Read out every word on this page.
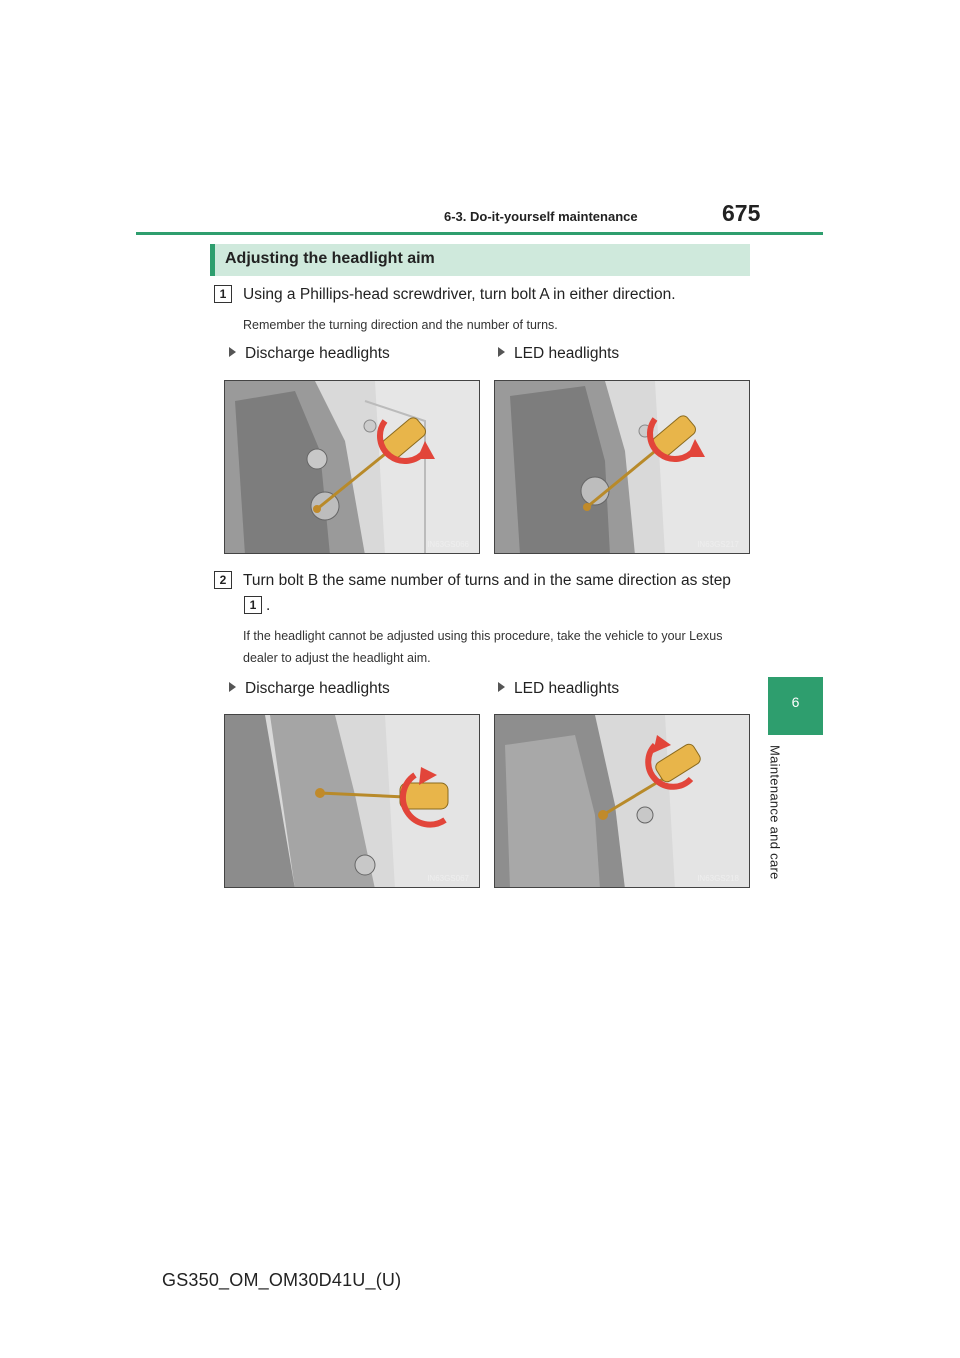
6-3. Do-it-yourself maintenance	675
6
Maintenance and care
Adjusting the headlight aim
1	Using a Phillips-head screwdriver, turn bolt A in either direction.
Remember the turning direction and the number of turns.
Discharge headlights	LED headlights
IN63GS066	IN63GS217
2	Turn bolt B the same number of turns and in the same direction as step
1 .
If the headlight cannot be adjusted using this procedure, take the vehicle to your Lexus dealer to adjust the headlight aim.
Discharge headlights	LED headlights
IN63GS067	IN63GS218
GS350_OM_OM30D41U_(U)
